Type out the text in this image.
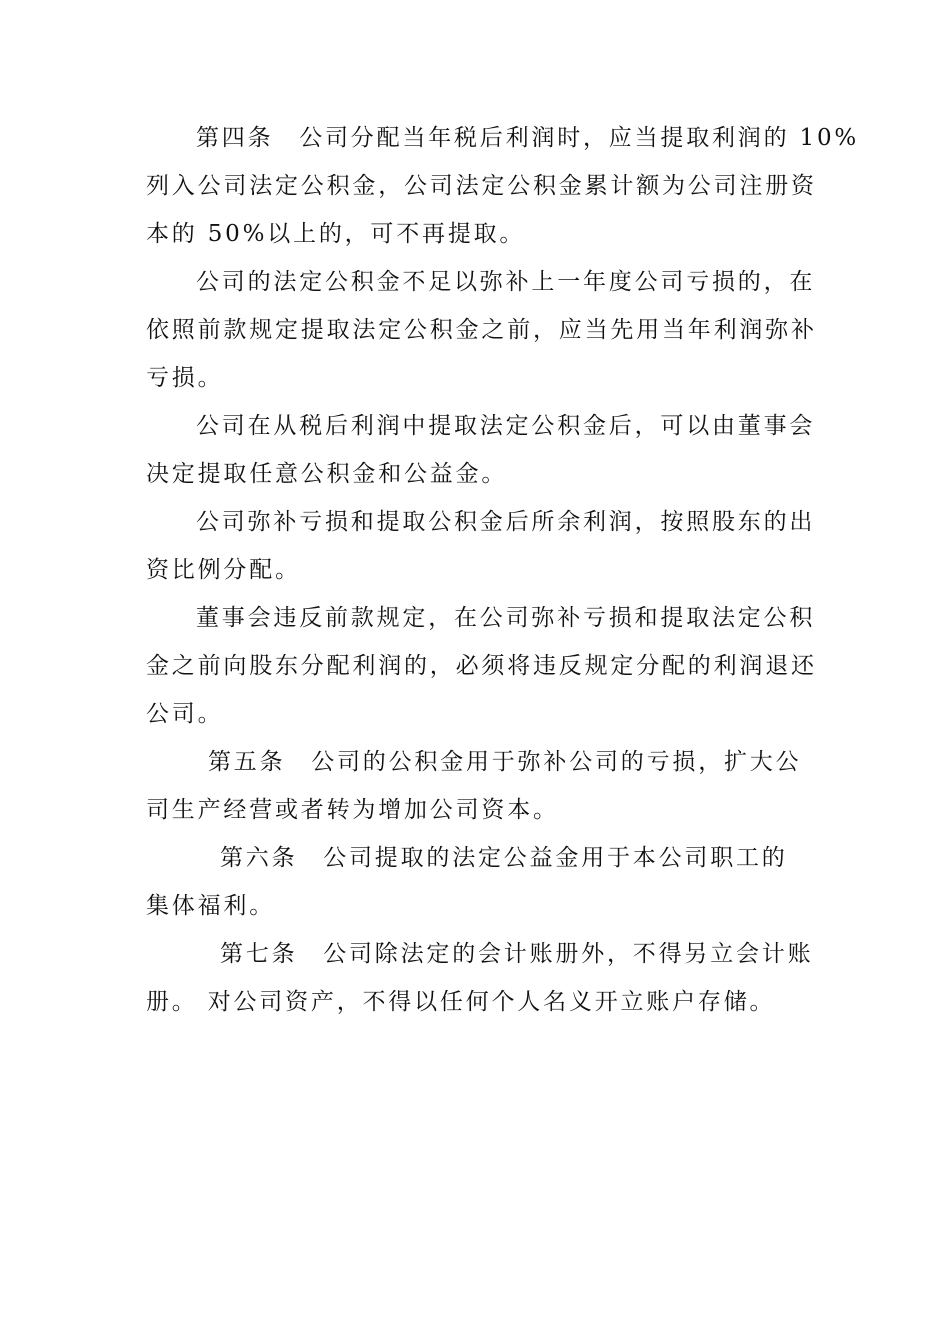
第四条　公司分配当年税后利润时，应当提取利润的 10%
列入公司法定公积金，公司法定公积金累计额为公司注册资
本的 50%以上的，可不再提取。
公司的法定公积金不足以弥补上一年度公司亏损的，在
依照前款规定提取法定公积金之前，应当先用当年利润弥补
亏损。
公司在从税后利润中提取法定公积金后，可以由董事会
决定提取任意公积金和公益金。
公司弥补亏损和提取公积金后所余利润，按照股东的出
资比例分配。
董事会违反前款规定，在公司弥补亏损和提取法定公积
金之前向股东分配利润的，必须将违反规定分配的利润退还
公司。
第五条　公司的公积金用于弥补公司的亏损，扩大公
司生产经营或者转为增加公司资本。
第六条　公司提取的法定公益金用于本公司职工的
集体福利。
第七条　公司除法定的会计账册外，不得另立会计账
册。 对公司资产，不得以任何个人名义开立账户存储。
